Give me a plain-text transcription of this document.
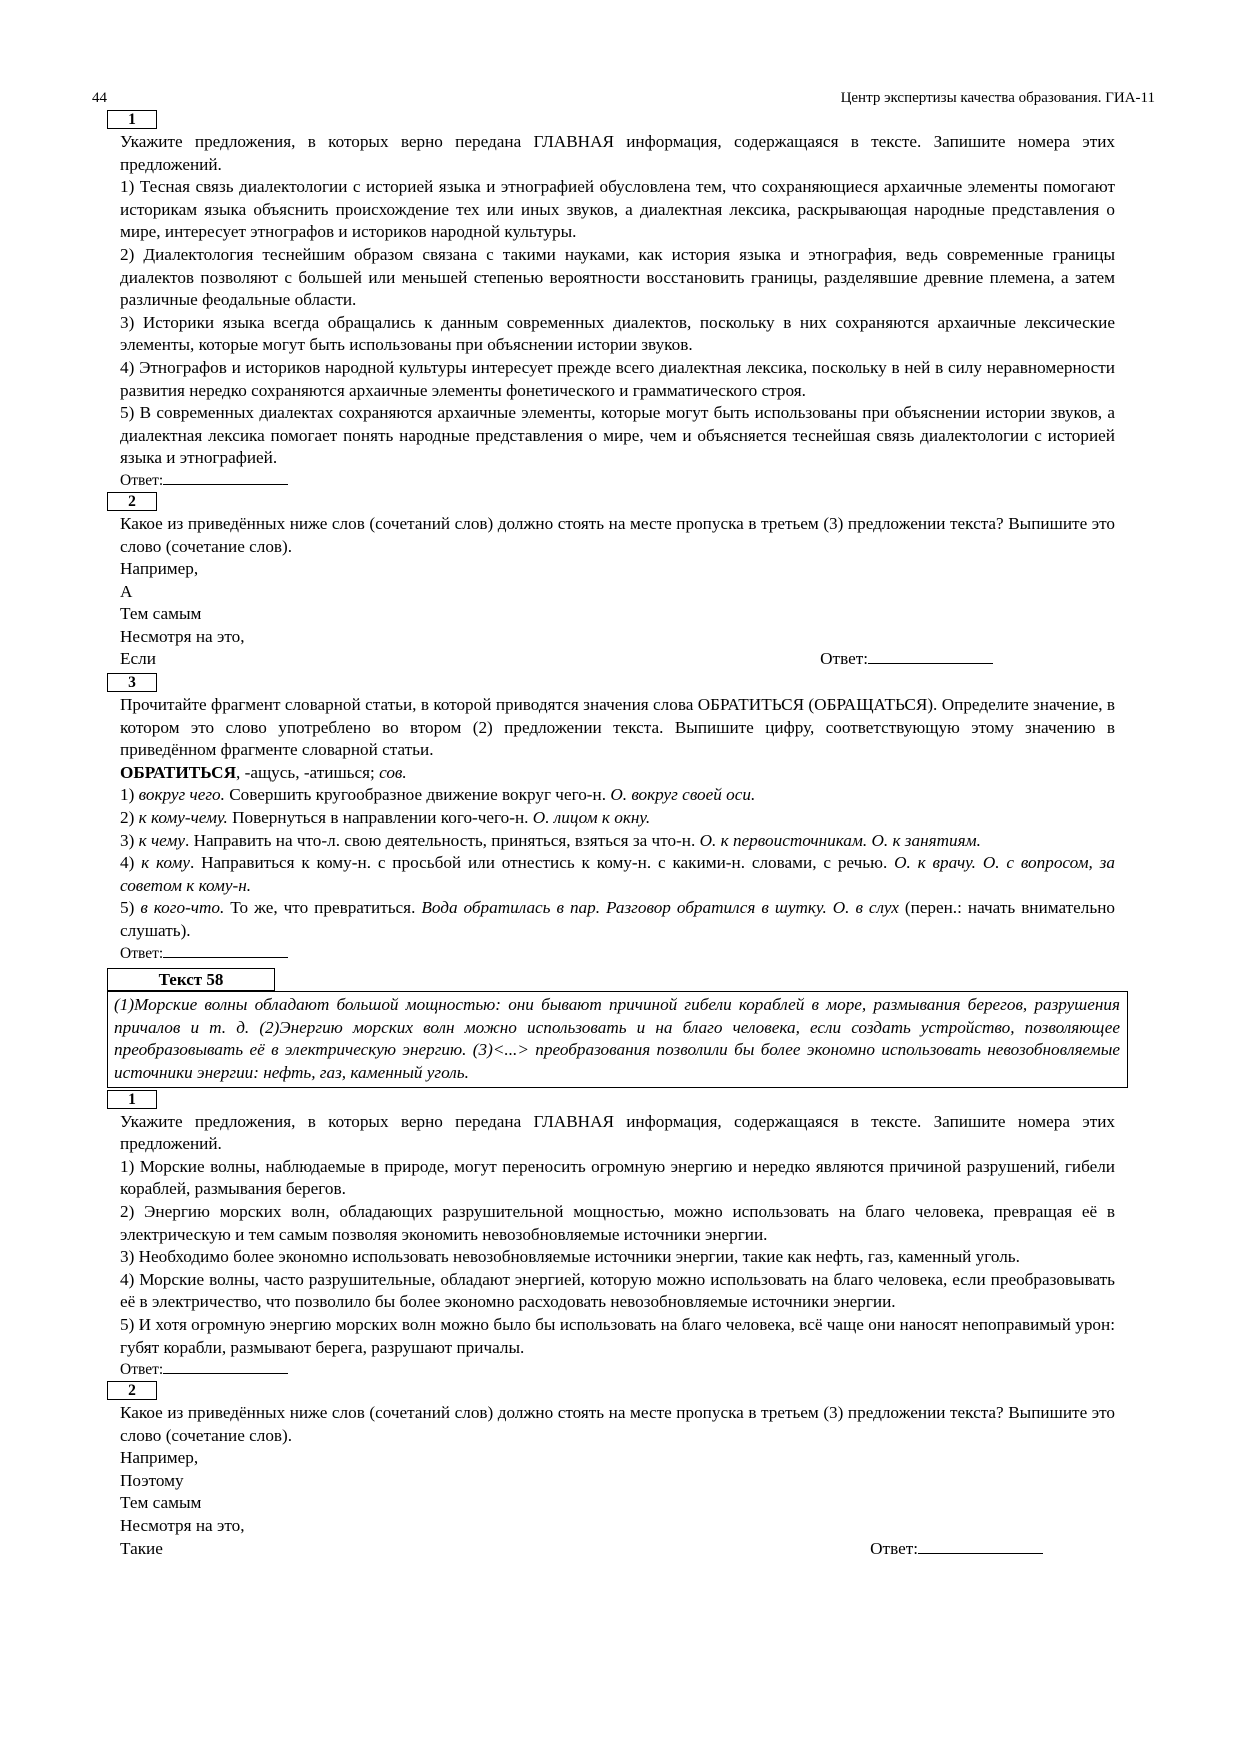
44	Центр экспертизы качества образования. ГИА-11
1

Укажите предложения, в которых верно передана ГЛАВНАЯ информация, содержащаяся в тексте. Запишите номера этих предложений.

1) Тесная связь диалектологии с историей языка и этнографией обусловлена тем, что сохраняющиеся архаичные элементы помогают историкам языка объяснить происхождение тех или иных звуков, а диалектная лексика, раскрывающая народные представления о мире, интересует этнографов и историков народной культуры.

2) Диалектология теснейшим образом связана с такими науками, как история языка и этнография, ведь современные границы диалектов позволяют с большей или меньшей степенью вероятности восстановить границы, разделявшие древние племена, а затем различные феодальные области.

3) Историки языка всегда обращались к данным современных диалектов, поскольку в них сохраняются архаичные лексические элементы, которые могут быть использованы при объяснении истории звуков.

4) Этнографов и историков народной культуры интересует прежде всего диалектная лексика, поскольку в ней в силу неравномерности развития нередко сохраняются архаичные элементы фонетического и грамматического строя.

5) В современных диалектах сохраняются архаичные элементы, которые могут быть использованы при объяснении истории звуков, а диалектная лексика помогает понять народные представления о мире, чем и объясняется теснейшая связь диалектологии с историей языка и этнографией.

Ответ:
2

Какое из приведённых ниже слов (сочетаний слов) должно стоять на месте пропуска в третьем (3) предложении текста? Выпишите это слово (сочетание слов).

Например,

А

Тем самым

Несмотря на это,

Если	Ответ:
3

Прочитайте фрагмент словарной статьи, в которой приводятся значения слова ОБРАТИТЬСЯ (ОБРАЩАТЬСЯ). Определите значение, в котором это слово употреблено во втором (2) предложении текста. Выпишите цифру, соответствующую этому значению в приведённом фрагменте словарной статьи.

ОБРАТИТЬСЯ, -ащусь, -атишься; сов.

1) вокруг чего. Совершить кругообразное движение вокруг чего-н. О. вокруг своей оси.

2) к кому-чему. Повернуться в направлении кого-чего-н. О. лицом к окну.

3) к чему. Направить на что-л. свою деятельность, приняться, взяться за что-н. О. к первоисточникам. О. к занятиям.

4) к кому. Направиться к кому-н. с просьбой или отнестись к кому-н. с какими-н. словами, с речью. О. к врачу. О. с вопросом, за советом к кому-н.

5) в кого-что. То же, что превратиться. Вода обратилась в пар. Разговор обратился в шутку. О. в слух (перен.: начать внимательно слушать).

Ответ:
Текст 58
(1)Морские волны обладают большой мощностью: они бывают причиной гибели кораблей в море, размывания берегов, разрушения причалов и т. д. (2)Энергию морских волн можно использовать и на благо человека, если создать устройство, позволяющее преобразовывать её в электрическую энергию. (3)<...> преобразования позволили бы более экономно использовать невозобновляемые источники энергии: нефть, газ, каменный уголь.
1

Укажите предложения, в которых верно передана ГЛАВНАЯ информация, содержащаяся в тексте. Запишите номера этих предложений.

1) Морские волны, наблюдаемые в природе, могут переносить огромную энергию и нередко являются причиной разрушений, гибели кораблей, размывания берегов.

2) Энергию морских волн, обладающих разрушительной мощностью, можно использовать на благо человека, превращая её в электрическую и тем самым позволяя экономить невозобновляемые источники энергии.

3) Необходимо более экономно использовать невозобновляемые источники энергии, такие как нефть, газ, каменный уголь.

4) Морские волны, часто разрушительные, обладают энергией, которую можно использовать на благо человека, если преобразовывать её в электричество, что позволило бы более экономно расходовать невозобновляемые источники энергии.

5) И хотя огромную энергию морских волн можно было бы использовать на благо человека, всё чаще они наносят непоправимый урон: губят корабли, размывают берега, разрушают причалы.

Ответ:
2

Какое из приведённых ниже слов (сочетаний слов) должно стоять на месте пропуска в третьем (3) предложении текста? Выпишите это слово (сочетание слов).

Например,

Поэтому

Тем самым

Несмотря на это,

Такие	Ответ:
